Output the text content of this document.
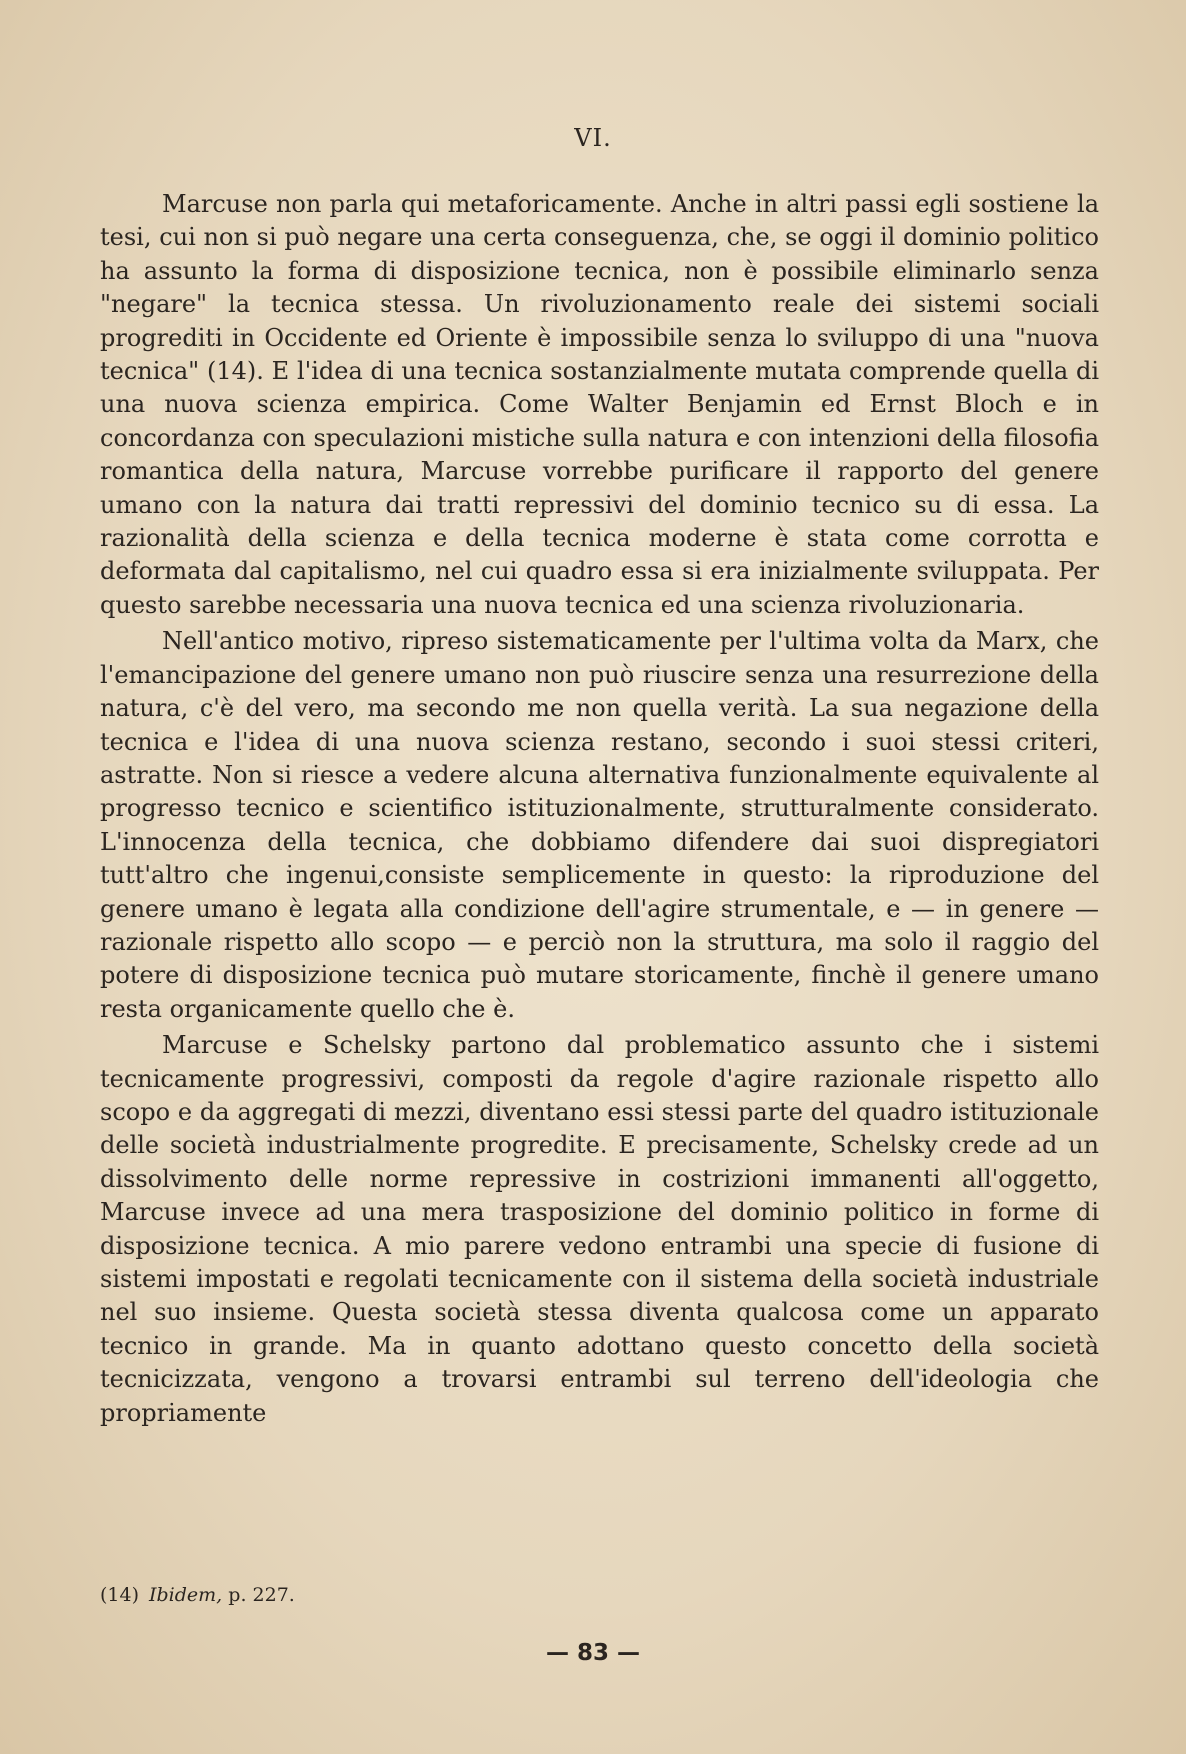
VI.

Marcuse non parla qui metaforicamente. Anche in altri passi egli sostiene la tesi, cui non si può negare una certa conseguenza, che, se oggi il dominio politico ha assunto la forma di disposizione tecnica, non è possibile eliminarlo senza "negare" la tecnica stessa. Un rivoluzionamento reale dei sistemi sociali progrediti in Occidente ed Oriente è impossibile senza lo sviluppo di una "nuova tecnica" (14). E l'idea di una tecnica sostanzialmente mutata comprende quella di una nuova scienza empirica. Come Walter Benjamin ed Ernst Bloch e in concordanza con speculazioni mistiche sulla natura e con intenzioni della filosofia romantica della natura, Marcuse vorrebbe purificare il rapporto del genere umano con la natura dai tratti repressivi del dominio tecnico su di essa. La razionalità della scienza e della tecnica moderne è stata come corrotta e deformata dal capitalismo, nel cui quadro essa si era inizialmente sviluppata. Per questo sarebbe necessaria una nuova tecnica ed una scienza rivoluzionaria.

Nell'antico motivo, ripreso sistematicamente per l'ultima volta da Marx, che l'emancipazione del genere umano non può riuscire senza una resurrezione della natura, c'è del vero, ma secondo me non quella verità. La sua negazione della tecnica e l'idea di una nuova scienza restano, secondo i suoi stessi criteri, astratte. Non si riesce a vedere alcuna alternativa funzionalmente equivalente al progresso tecnico e scientifico istituzionalmente, strutturalmente considerato. L'innocenza della tecnica, che dobbiamo difendere dai suoi dispregiatori tutt'altro che ingenui,consiste semplicemente in questo: la riproduzione del genere umano è legata alla condizione dell'agire strumentale, e — in genere — razionale rispetto allo scopo — e perciò non la struttura, ma solo il raggio del potere di disposizione tecnica può mutare storicamente, finchè il genere umano resta organicamente quello che è.

Marcuse e Schelsky partono dal problematico assunto che i sistemi tecnicamente progressivi, composti da regole d'agire razionale rispetto allo scopo e da aggregati di mezzi, diventano essi stessi parte del quadro istituzionale delle società industrialmente progredite. E precisamente, Schelsky crede ad un dissolvimento delle norme repressive in costrizioni immanenti all'oggetto, Marcuse invece ad una mera trasposizione del dominio politico in forme di disposizione tecnica. A mio parere vedono entrambi una specie di fusione di sistemi impostati e regolati tecnicamente con il sistema della società industriale nel suo insieme. Questa società stessa diventa qualcosa come un apparato tecnico in grande. Ma in quanto adottano questo concetto della società tecnicizzata, vengono a trovarsi entrambi sul terreno dell'ideologia che propriamente

(14) Ibidem, p. 227.
— 83 —
